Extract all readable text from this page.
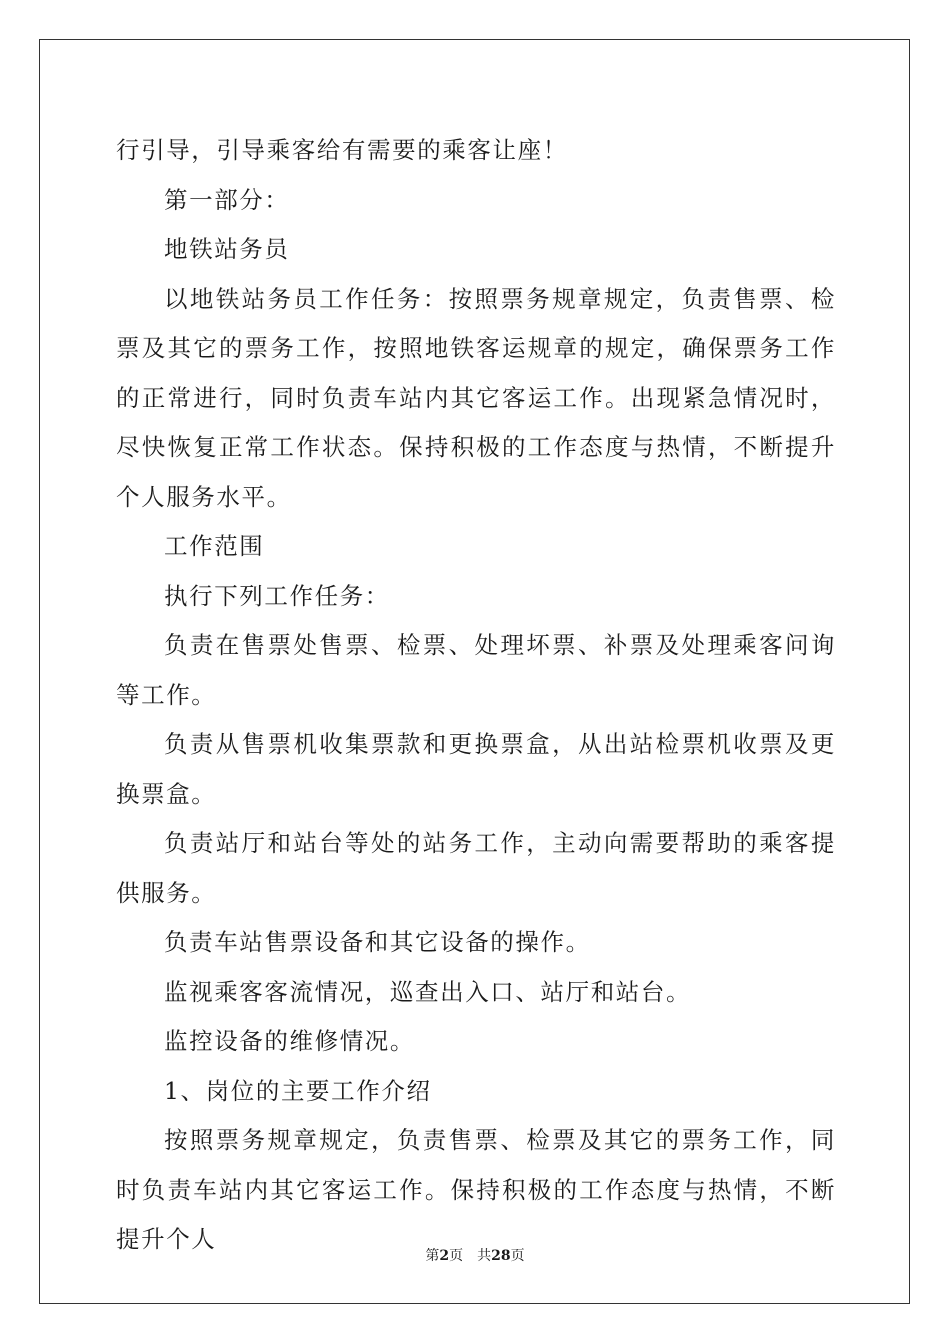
行引导，引导乘客给有需要的乘客让座！

第一部分：

地铁站务员

以地铁站务员工作任务：按照票务规章规定，负责售票、检票及其它的票务工作，按照地铁客运规章的规定，确保票务工作的正常进行，同时负责车站内其它客运工作。出现紧急情况时，尽快恢复正常工作状态。保持积极的工作态度与热情，不断提升个人服务水平。

工作范围

执行下列工作任务：

负责在售票处售票、检票、处理坏票、补票及处理乘客问询等工作。

负责从售票机收集票款和更换票盒，从出站检票机收票及更换票盒。

负责站厅和站台等处的站务工作，主动向需要帮助的乘客提供服务。

负责车站售票设备和其它设备的操作。

监视乘客客流情况，巡查出入口、站厅和站台。

监控设备的维修情况。

1、岗位的主要工作介绍

按照票务规章规定，负责售票、检票及其它的票务工作，同时负责车站内其它客运工作。保持积极的工作态度与热情，不断提升个人

第2页 共28页
